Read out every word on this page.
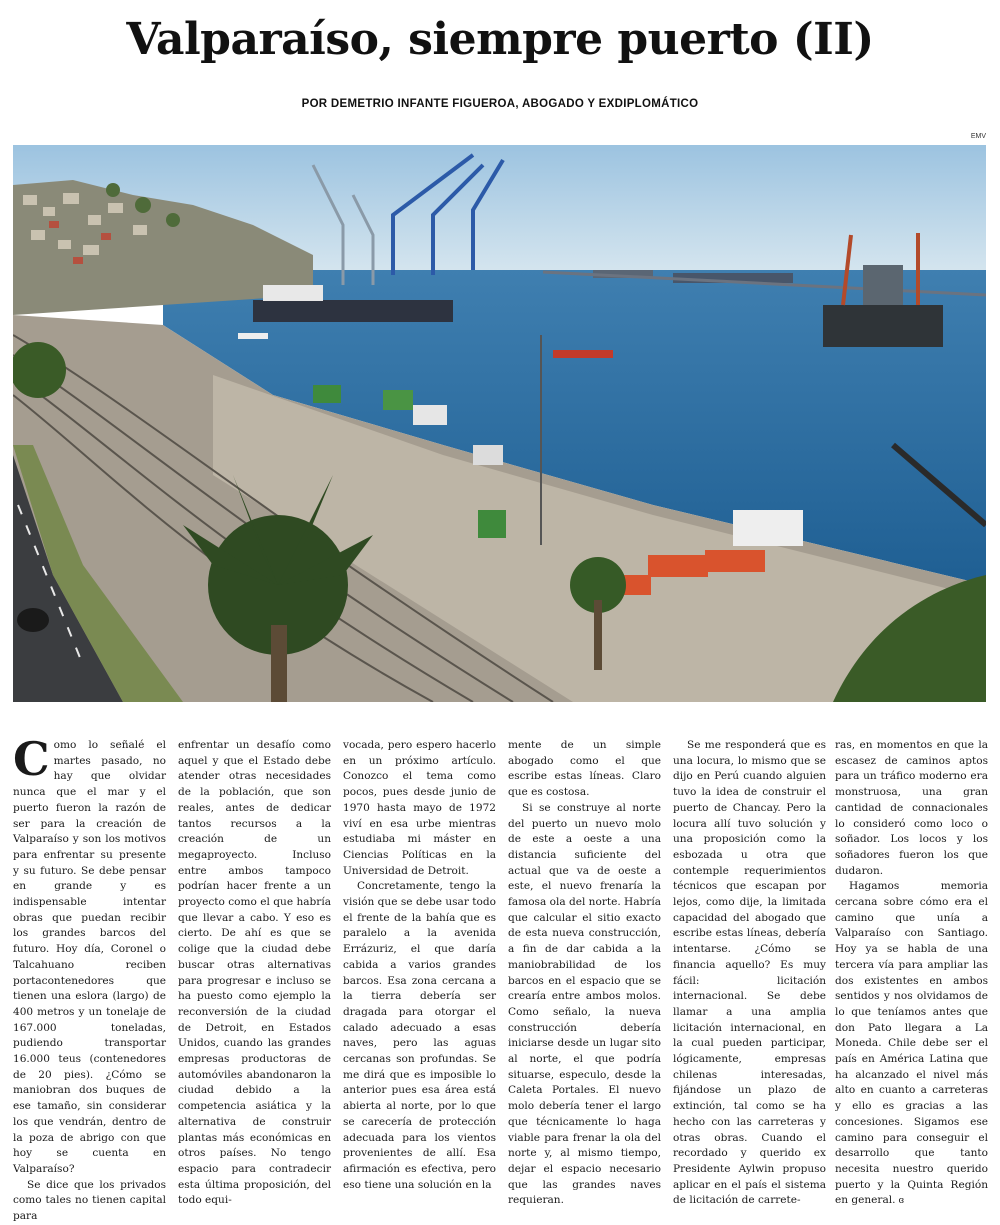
Valparaíso, siempre puerto (II)
POR DEMETRIO INFANTE FIGUEROA, ABOGADO Y EXDIPLOMÁTICO
EMV

Como lo señalé el martes pasado, no hay que olvidar nunca que el mar y el puerto fueron la razón de ser para la creación de Valparaíso y son los motivos para enfrentar su presente y su futuro. Se debe pensar en grande y es indispensable intentar obras que puedan recibir los grandes barcos del futuro. Hoy día, Coronel o Talcahuano reciben portacontenedores que tienen una eslora (largo) de 400 metros y un tonelaje de 167.000 toneladas, pudiendo transportar 16.000 teus (contenedores de 20 pies). ¿Cómo se maniobran dos buques de ese tamaño, sin considerar los que vendrán, dentro de la poza de abrigo con que hoy se cuenta en Valparaíso?

Se dice que los privados como tales no tienen capital para

enfrentar un desafío como aquel y que el Estado debe atender otras necesidades de la población, que son reales, antes de dedicar tantos recursos a la creación de un megaproyecto. Incluso entre ambos tampoco podrían hacer frente a un proyecto como el que habría que llevar a cabo. Y eso es cierto. De ahí es que se colige que la ciudad debe buscar otras alternativas para progresar e incluso se ha puesto como ejemplo la reconversión de la ciudad de Detroit, en Estados Unidos, cuando las grandes empresas productoras de automóviles abandonaron la ciudad debido a la competencia asiática y la alternativa de construir plantas más económicas en otros países. No tengo espacio para contradecir esta última proposición, del todo equi-

vocada, pero espero hacerlo en un próximo artículo. Conozco el tema como pocos, pues desde junio de 1970 hasta mayo de 1972 viví en esa urbe mientras estudiaba mi máster en Ciencias Políticas en la Universidad de Detroit.

Concretamente, tengo la visión que se debe usar todo el frente de la bahía que es paralelo a la avenida Errázuriz, el que daría cabida a varios grandes barcos. Esa zona cercana a la tierra debería ser dragada para otorgar el calado adecuado a esas naves, pero las aguas cercanas son profundas. Se me dirá que es imposible lo anterior pues esa área está abierta al norte, por lo que se carecería de protección adecuada para los vientos provenientes de allí. Esa afirmación es efectiva, pero eso tiene una solución en la

mente de un simple abogado como el que escribe estas líneas. Claro que es costosa.

Si se construye al norte del puerto un nuevo molo de este a oeste a una distancia suficiente del actual que va de oeste a este, el nuevo frenaría la famosa ola del norte. Habría que calcular el sitio exacto de esta nueva construcción, a fin de dar cabida a la maniobrabilidad de los barcos en el espacio que se crearía entre ambos molos. Como señalo, la nueva construcción debería iniciarse desde un lugar sito al norte, el que podría situarse, especulo, desde la Caleta Portales. El nuevo molo debería tener el largo que técnicamente lo haga viable para frenar la ola del norte y, al mismo tiempo, dejar el espacio necesario que las grandes naves requieran.

Se me responderá que es una locura, lo mismo que se dijo en Perú cuando alguien tuvo la idea de construir el puerto de Chancay. Pero la locura allí tuvo solución y una proposición como la esbozada u otra que contemple requerimientos técnicos que escapan por lejos, como dije, la limitada capacidad del abogado que escribe estas líneas, debería intentarse. ¿Cómo se financia aquello? Es muy fácil: licitación internacional. Se debe llamar a una amplia licitación internacional, en la cual pueden participar, lógicamente, empresas chilenas interesadas, fijándose un plazo de extinción, tal como se ha hecho con las carreteras y otras obras. Cuando el recordado y querido ex Presidente Aylwin propuso aplicar en el país el sistema de licitación de carrete-

ras, en momentos en que la escasez de caminos aptos para un tráfico moderno era monstruosa, una gran cantidad de connacionales lo consideró como loco o soñador. Los locos y los soñadores fueron los que dudaron.

Hagamos memoria cercana sobre cómo era el camino que unía a Valparaíso con Santiago. Hoy ya se habla de una tercera vía para ampliar las dos existentes en ambos sentidos y nos olvidamos de lo que teníamos antes que don Pato llegara a La Moneda. Chile debe ser el país en América Latina que ha alcanzado el nivel más alto en cuanto a carreteras y ello es gracias a las concesiones. Sigamos ese camino para conseguir el desarrollo que tanto necesita nuestro querido puerto y la Quinta Región en general. ɞ
